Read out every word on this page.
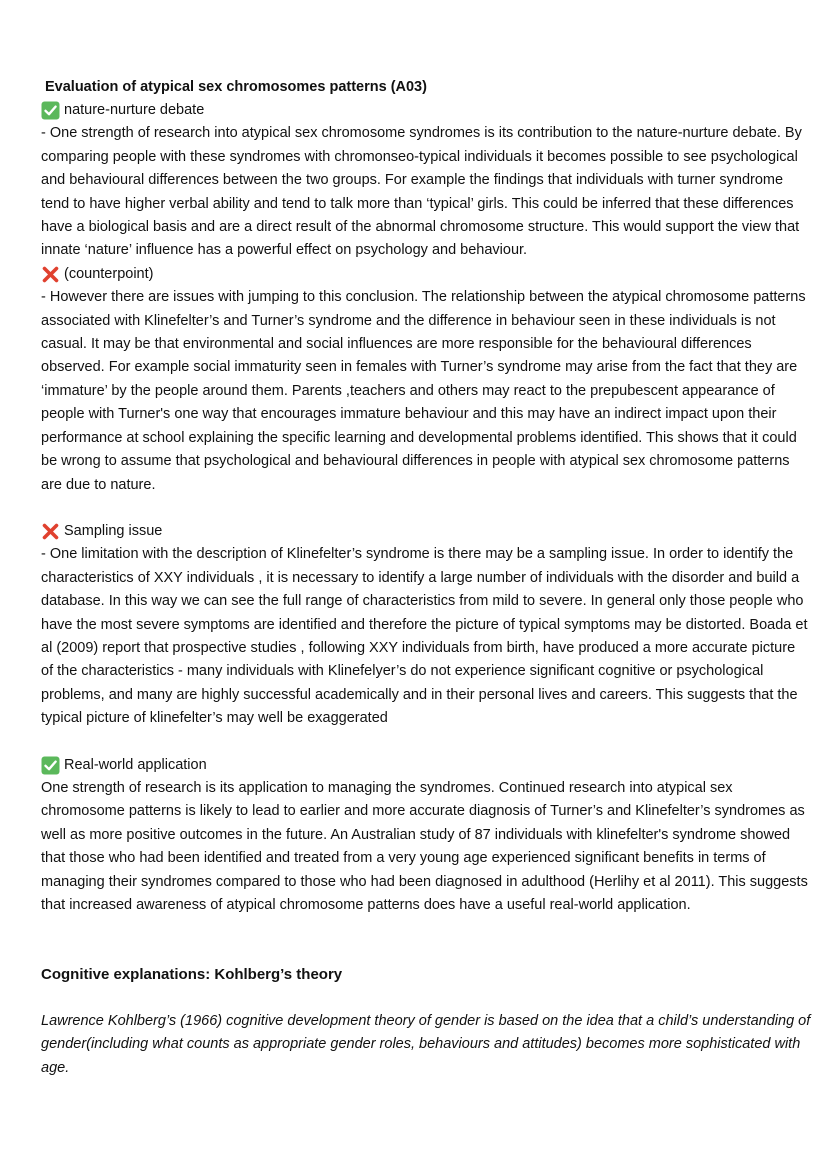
Evaluation of atypical sex chromosomes patterns (A03)
nature-nurture debate

- One strength of research into atypical sex chromosome syndromes is its contribution to the nature-nurture debate. By comparing people with these syndromes with chromonseo-typical individuals it becomes possible to see psychological and behavioural differences between the two groups. For example the findings that individuals with turner syndrome tend to have higher verbal ability and tend to talk more than ‘typical’ girls. This could be inferred that these differences have a biological basis and are a direct result of the abnormal chromosome structure. This would support the view that innate ‘nature’ influence has a powerful effect on psychology and behaviour.

(counterpoint)

- However there are issues with jumping to this conclusion. The relationship between the atypical chromosome patterns associated with Klinefelter’s and Turner’s syndrome and the difference in behaviour seen in these individuals is not casual. It may be that environmental and social influences are more responsible for the behavioural differences observed. For example social immaturity seen in females with Turner’s syndrome may arise from the fact that they are ‘immature’ by the people around them. Parents ,teachers and others may react to the prepubescent appearance of people with Turner's one way that encourages immature behaviour and this may have an indirect impact upon their performance at school explaining the specific learning and developmental problems identified. This shows that it could be wrong to assume that psychological and behavioural differences in people with atypical sex chromosome patterns are due to nature.

Sampling issue

- One limitation with the description of Klinefelter’s syndrome is there may be a sampling issue. In order to identify the characteristics of XXY individuals , it is necessary to identify a large number of individuals with the disorder and build a database. In this way we can see the full range of characteristics from mild to severe. In general only those people who have the most severe symptoms are identified and therefore the picture of typical symptoms may be distorted. Boada et al (2009) report that prospective studies , following XXY individuals from birth, have produced a more accurate picture of the characteristics - many individuals with Klinefelyer’s do not experience significant cognitive or psychological problems, and many are highly successful academically and in their personal lives and careers. This suggests that the typical picture of klinefelter’s may well be exaggerated

Real-world application

One strength of research is its application to managing the syndromes. Continued research into atypical sex chromosome patterns is likely to lead to earlier and more accurate diagnosis of Turner’s and Klinefelter’s syndromes as well as more positive outcomes in the future. An Australian study of 87 individuals with klinefelter's syndrome showed that those who had been identified and treated from a very young age experienced significant benefits in terms of managing their syndromes compared to those who had been diagnosed in adulthood (Herlihy et al 2011). This suggests that increased awareness of atypical chromosome patterns does have a useful real-world application.

Cognitive explanations: Kohlberg’s theory

Lawrence Kohlberg’s (1966) cognitive development theory of gender is based on the idea that a child’s understanding of gender(including what counts as appropriate gender roles, behaviours and attitudes) becomes more sophisticated with age.
